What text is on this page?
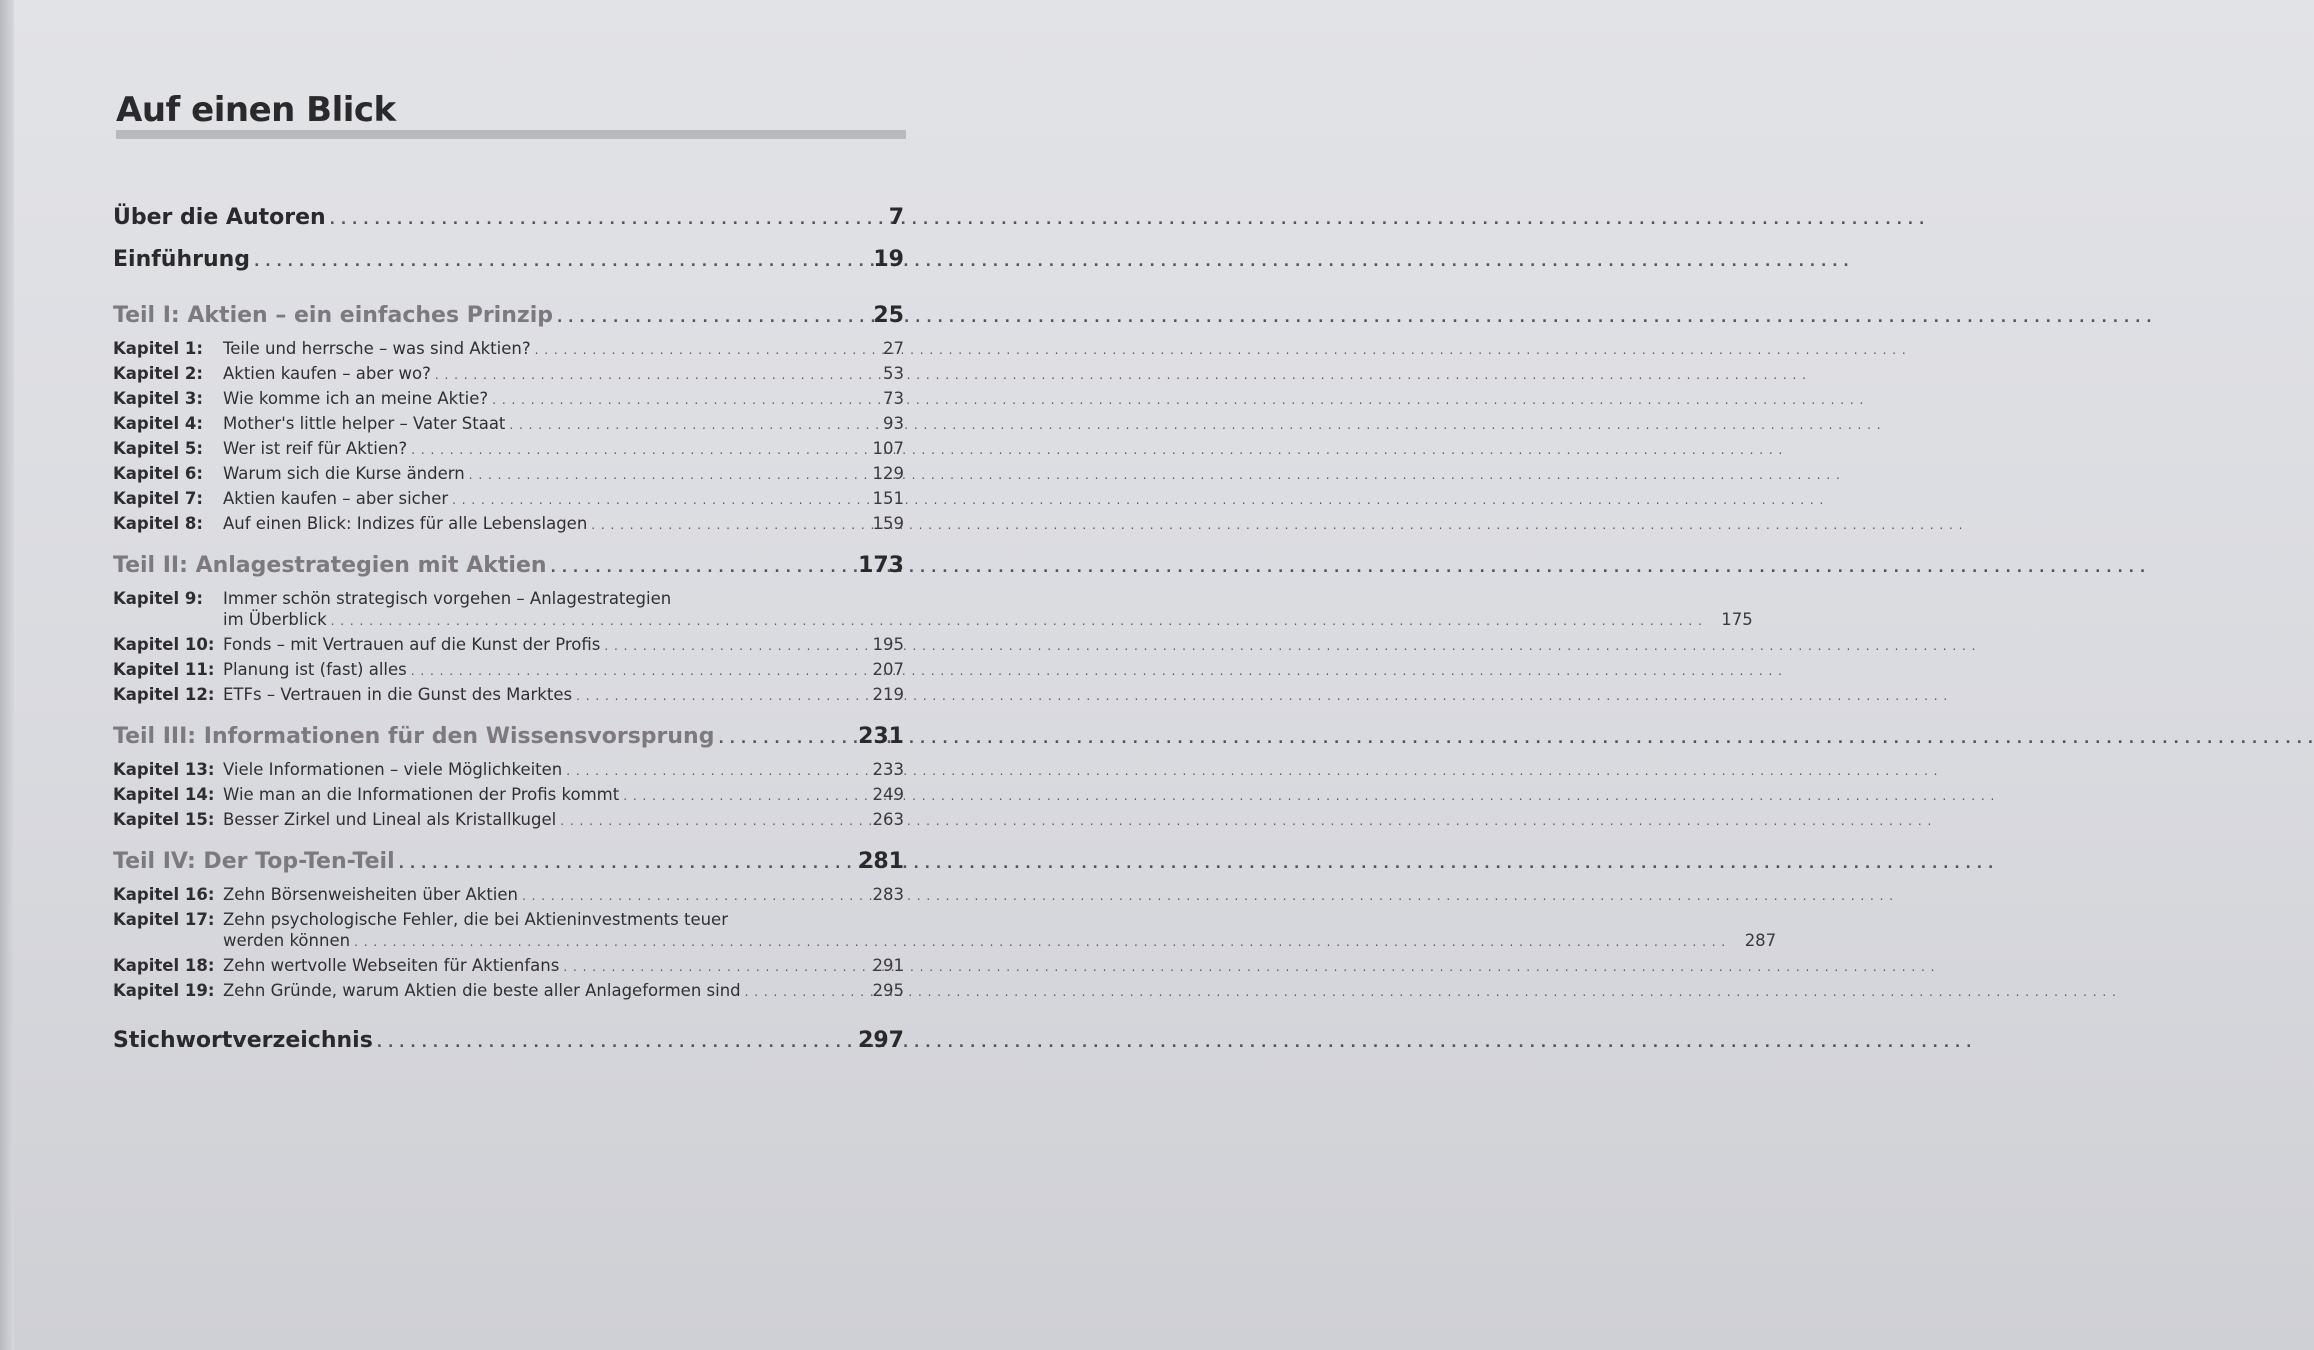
Auf einen Blick
Über die Autoren . . .	7
Einführung . . .	19
Teil I: Aktien – ein einfaches Prinzip . . .	25
Kapitel 1:	Teile und herrsche – was sind Aktien? . . .	27
Kapitel 2:	Aktien kaufen – aber wo? . . .	53
Kapitel 3:	Wie komme ich an meine Aktie? . . .	73
Kapitel 4:	Mother's little helper – Vater Staat . . .	93
Kapitel 5:	Wer ist reif für Aktien? . . .	107
Kapitel 6:	Warum sich die Kurse ändern . . .	129
Kapitel 7:	Aktien kaufen – aber sicher . . .	151
Kapitel 8:	Auf einen Blick: Indizes für alle Lebenslagen . . .	159
Teil II: Anlagestrategien mit Aktien . . .	173
Kapitel 9:	Immer schön strategisch vorgehen – Anlagestrategien
im Überblick . . .	175
Kapitel 10: Fonds – mit Vertrauen auf die Kunst der Profis . . .	195
Kapitel 11: Planung ist (fast) alles . . .	207
Kapitel 12: ETFs – Vertrauen in die Gunst des Marktes . . .	219
Teil III: Informationen für den Wissensvorsprung . . .	231
Kapitel 13: Viele Informationen – viele Möglichkeiten . . .	233
Kapitel 14: Wie man an die Informationen der Profis kommt . . .	249
Kapitel 15: Besser Zirkel und Lineal als Kristallkugel . . .	263
Teil IV: Der Top-Ten-Teil . . .	281
Kapitel 16: Zehn Börsenweisheiten über Aktien . . .	283
Kapitel 17: Zehn psychologische Fehler, die bei Aktieninvestments teuer
werden können . . .	287
Kapitel 18: Zehn wertvolle Webseiten für Aktienfans . . .	291
Kapitel 19: Zehn Gründe, warum Aktien die beste aller Anlageformen sind . . .	295
Stichwortverzeichnis . . .	297
